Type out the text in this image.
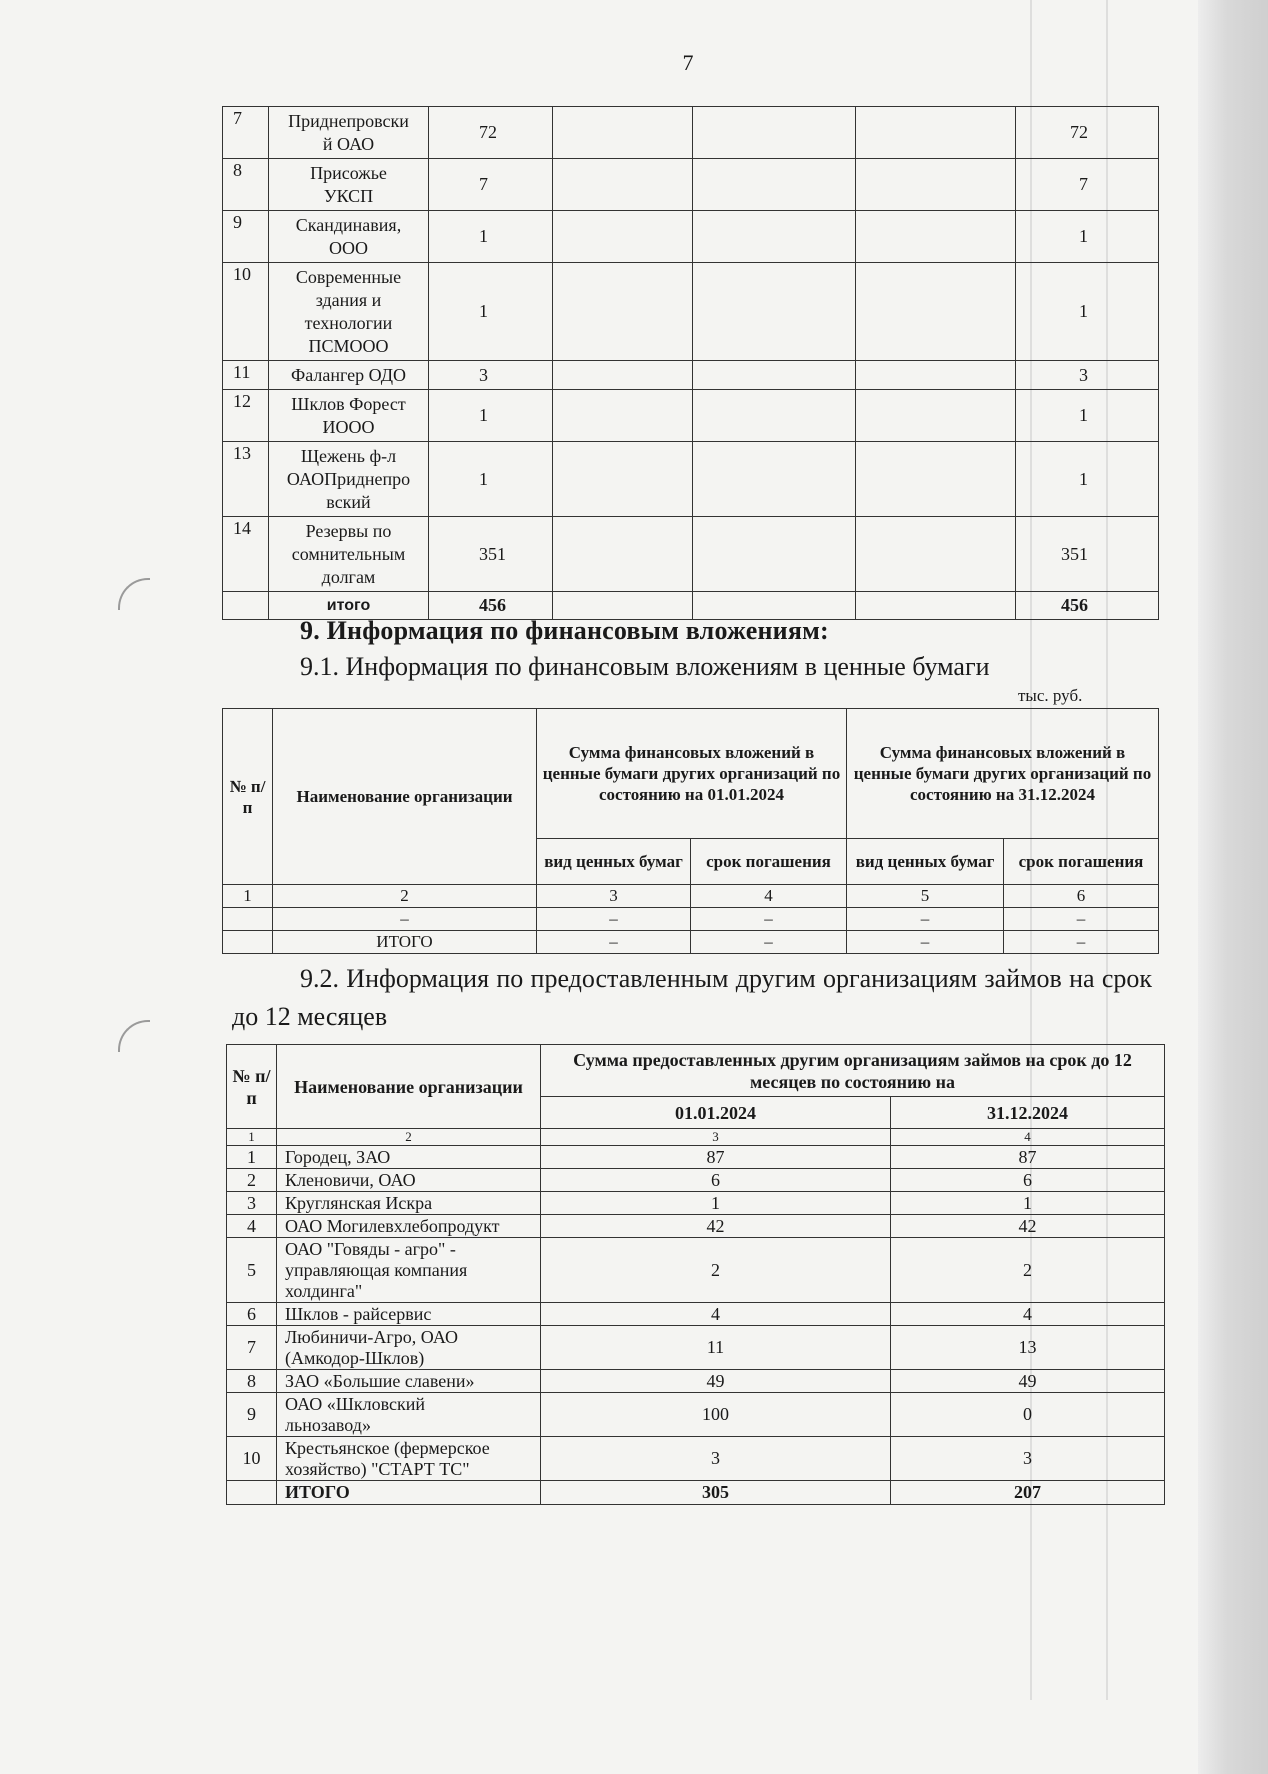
7
7	Приднепровски
й ОАО	72				72
8	Присожье
УКСП	7				7
9	Скандинавия,
ООО	1				1
10	Современные
здания и
технологии
ПСМООО	1				1
11	Фалангер ОДО	3				3
12	Шклов Форест
ИООО	1				1
13	Щежень ф-л
ОАОПриднепро
вский	1				1
14	Резервы по
сомнительным
долгам	351				351
	итого	456				456
9. Информация по финансовым вложениям:
9.1. Информация по финансовым вложениям в ценные бумаги
тыс. руб.
№ п/п	Наименование организации	Сумма финансовых вложений в ценные бумаги других организаций по состоянию на 01.01.2024		Сумма финансовых вложений в ценные бумаги других организаций по состоянию на 31.12.2024	
		вид ценных бумаг	срок погашения	вид ценных бумаг	срок погашения
1	2	3	4	5	6
	–	–	–	–	–
	ИТОГО	–	–	–	–
9.2. Информация по предоставленным другим организациям займов на срок до 12 месяцев
№ п/п	Наименование организации	Сумма предоставленных другим организациям займов на срок до 12 месяцев по состоянию на	
		01.01.2024	31.12.2024
1	2	3	4
1	Городец, ЗАО	87	87
2	Кленовичи, ОАО	6	6
3	Круглянская Искра	1	1
4	ОАО Могилевхлебопродукт	42	42
5	ОАО "Говяды - агро" -
управляющая компания
холдинга"	2	2
6	Шклов - райсервис	4	4
7	Любиничи-Агро, ОАО
(Амкодор-Шклов)	11	13
8	ЗАО «Большие славени»	49	49
9	ОАО «Шкловский
льнозавод»	100	0
10	Крестьянское (фермерское
хозяйство) "СТАРТ ТС"	3	3
	ИТОГО	305	207
